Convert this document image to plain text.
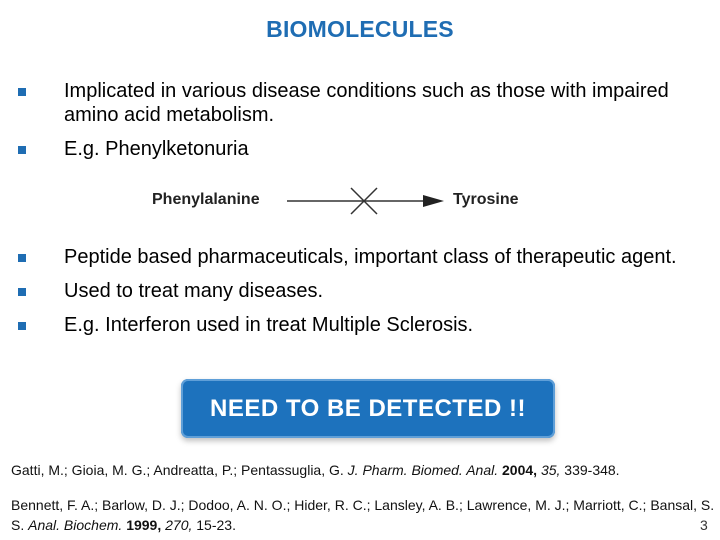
BIOMOLECULES
Implicated in various disease conditions such as those with impaired amino acid metabolism.
E.g. Phenylketonuria
Phenylalanine	Tyrosine
Peptide based pharmaceuticals, important class of therapeutic agent.
Used to treat many diseases.
E.g. Interferon used in treat Multiple Sclerosis.
NEED TO BE DETECTED !!
Gatti, M.; Gioia, M. G.; Andreatta, P.; Pentassuglia, G. J. Pharm. Biomed. Anal. 2004, 35, 339-348.
Bennett, F. A.; Barlow, D. J.; Dodoo, A. N. O.; Hider, R. C.; Lansley, A. B.; Lawrence, M. J.; Marriott, C.; Bansal, S. S. Anal. Biochem. 1999, 270, 15-23.	3
